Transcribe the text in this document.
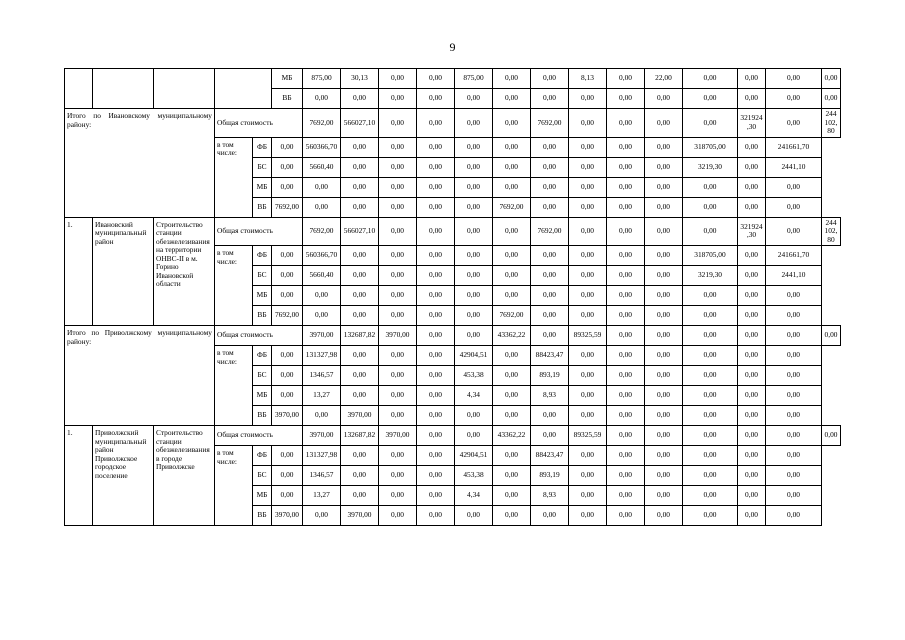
9
					МБ	875,00	30,13	0,00	0,00	875,00	0,00	0,00	8,13	0,00	22,00	0,00	0,00	0,00	0,00
					ВБ	0,00	0,00	0,00	0,00	0,00	0,00	0,00	0,00	0,00	0,00	0,00	0,00	0,00	0,00
Итого по Ивановскому муниципальному району:			Общая стоимость			7692,00	566027,10	0,00	0,00	0,00	0,00	7692,00	0,00	0,00	0,00	0,00	321924,30	0,00	244102,80
			в том числе:	ФБ	0,00	560366,70	0,00	0,00	0,00	0,00	0,00	0,00	0,00	0,00	0,00	318705,00	0,00	241661,70	
				БС	0,00	5660,40	0,00	0,00	0,00	0,00	0,00	0,00	0,00	0,00	0,00	3219,30	0,00	2441,10	
				МБ	0,00	0,00	0,00	0,00	0,00	0,00	0,00	0,00	0,00	0,00	0,00	0,00	0,00	0,00	
				ВБ	7692,00	0,00	0,00	0,00	0,00	0,00	7692,00	0,00	0,00	0,00	0,00	0,00	0,00	0,00	
1.	Ивановский муниципальный район	Строительство станции обезжелезивания на территории ОНВС-II в м. Горино Ивановской области	Общая стоимость			7692,00	566027,10	0,00	0,00	0,00	0,00	7692,00	0,00	0,00	0,00	0,00	321924,30	0,00	244102,80
			в том числе:	ФБ	0,00	560366,70	0,00	0,00	0,00	0,00	0,00	0,00	0,00	0,00	0,00	318705,00	0,00	241661,70	
				БС	0,00	5660,40	0,00	0,00	0,00	0,00	0,00	0,00	0,00	0,00	0,00	3219,30	0,00	2441,10	
				МБ	0,00	0,00	0,00	0,00	0,00	0,00	0,00	0,00	0,00	0,00	0,00	0,00	0,00	0,00	
				ВБ	7692,00	0,00	0,00	0,00	0,00	0,00	7692,00	0,00	0,00	0,00	0,00	0,00	0,00	0,00	
Итого по Приволжскому муниципальному району:			Общая стоимость			3970,00	132687,82	3970,00	0,00	0,00	43362,22	0,00	89325,59	0,00	0,00	0,00	0,00	0,00	0,00
			в том числе:	ФБ	0,00	131327,98	0,00	0,00	0,00	42904,51	0,00	88423,47	0,00	0,00	0,00	0,00	0,00	0,00	
				БС	0,00	1346,57	0,00	0,00	0,00	453,38	0,00	893,19	0,00	0,00	0,00	0,00	0,00	0,00	
				МБ	0,00	13,27	0,00	0,00	0,00	4,34	0,00	8,93	0,00	0,00	0,00	0,00	0,00	0,00	
				ВБ	3970,00	0,00	3970,00	0,00	0,00	0,00	0,00	0,00	0,00	0,00	0,00	0,00	0,00	0,00	
1.	Приволжский муниципальный район Приволжское городское поселение	Строительство станции обезжелезивания в городе Приволжске	Общая стоимость			3970,00	132687,82	3970,00	0,00	0,00	43362,22	0,00	89325,59	0,00	0,00	0,00	0,00	0,00	0,00
			в том числе:	ФБ	0,00	131327,98	0,00	0,00	0,00	42904,51	0,00	88423,47	0,00	0,00	0,00	0,00	0,00	0,00	
				БС	0,00	1346,57	0,00	0,00	0,00	453,38	0,00	893,19	0,00	0,00	0,00	0,00	0,00	0,00	
				МБ	0,00	13,27	0,00	0,00	0,00	4,34	0,00	8,93	0,00	0,00	0,00	0,00	0,00	0,00	
				ВБ	3970,00	0,00	3970,00	0,00	0,00	0,00	0,00	0,00	0,00	0,00	0,00	0,00	0,00	0,00	
